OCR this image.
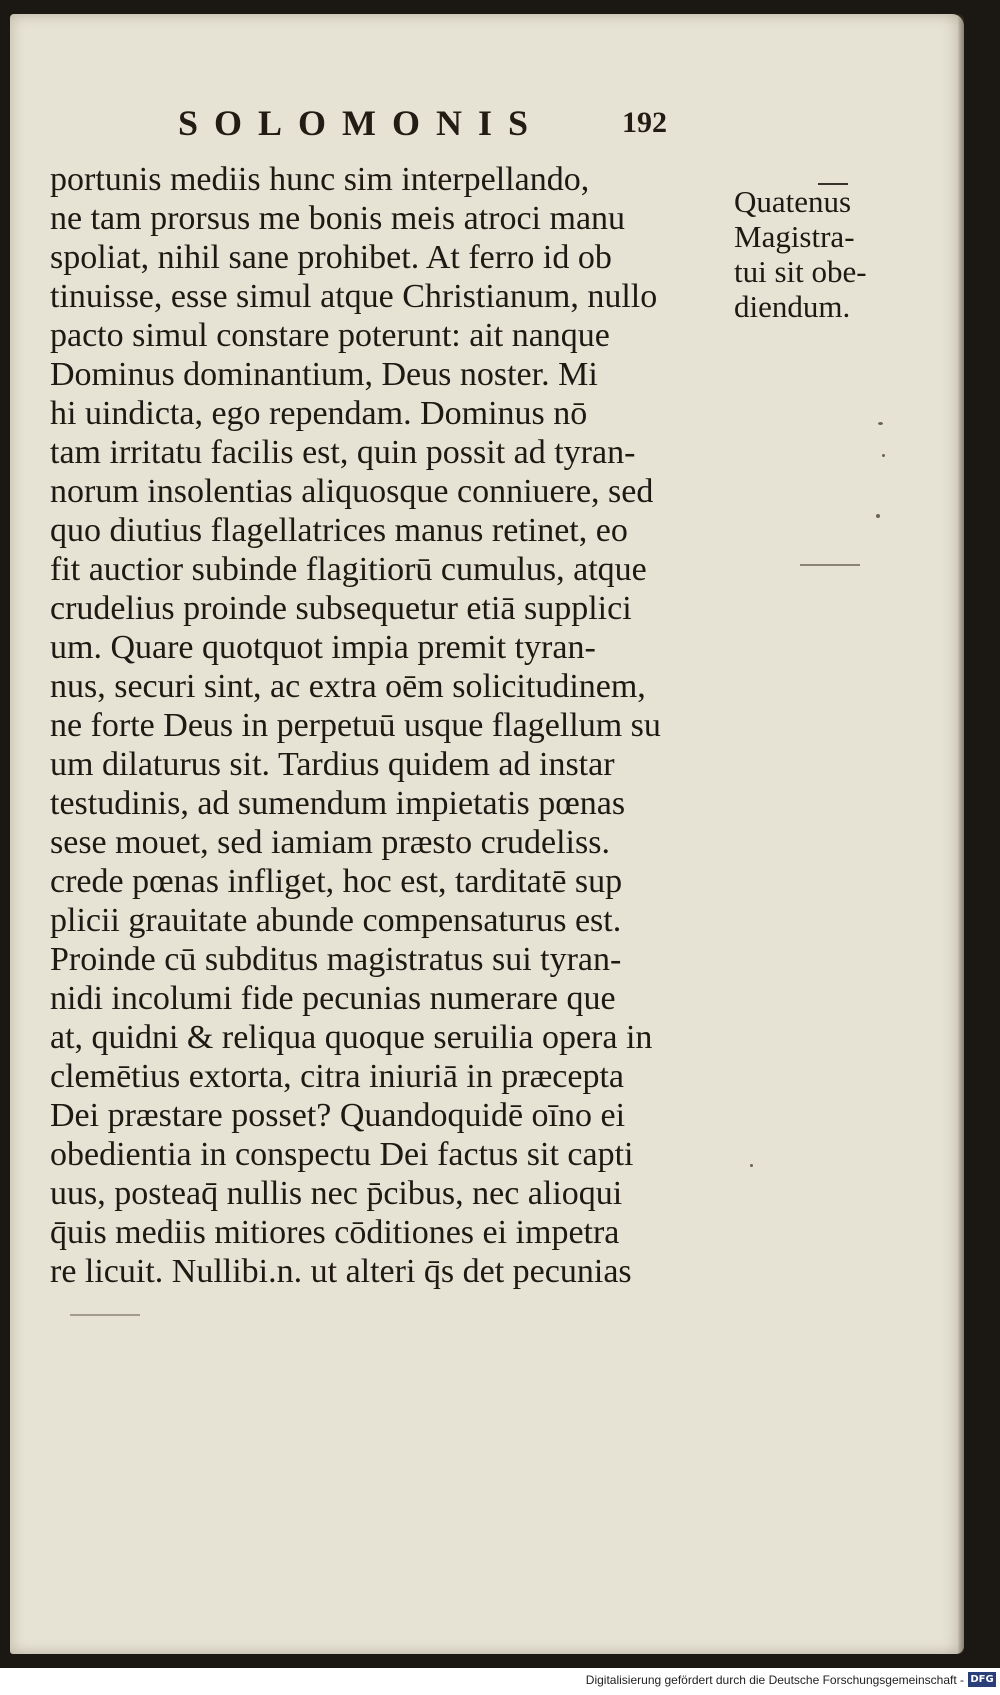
SOLOMONIS	192
portunis mediis hunc sim interpellando,
ne tam prorsus me bonis meis atroci manu
spoliat, nihil sane prohibet. At ferro id ob
tinuisse, esse simul atque Christianum, nullo
pacto simul constare poterunt: ait nanque
Dominus dominantium, Deus noster. Mi
hi uindicta, ego rependam. Dominus nō
tam irritatu facilis est, quin possit ad tyran-
norum insolentias aliquosque conniuere, sed
quo diutius flagellatrices manus retinet, eo
fit auctior subinde flagitiorū cumulus, atque
crudelius proinde subsequetur etiā supplici
um. Quare quotquot impia premit tyran-
nus, securi sint, ac extra oēm solicitudinem,
ne forte Deus in perpetuū usque flagellum su
um dilaturus sit. Tardius quidem ad instar
testudinis, ad sumendum impietatis pœnas
sese mouet, sed iamiam præsto crudeliss.
crede pœnas infliget, hoc est, tarditatē sup
plicii grauitate abunde compensaturus est.
Proinde cū subditus magistratus sui tyran-
nidi incolumi fide pecunias numerare que
at, quidni & reliqua quoque seruilia opera in
clemētius extorta, citra iniuriā in præcepta
Dei præstare posset? Quandoquidē oīno ei
obedientia in conspectu Dei factus sit capti
uus, posteaq̄ nullis nec p̄cibus, nec alioqui
q̄uis mediis mitiores cōditiones ei impetra
re licuit. Nullibi.n. ut alteri q̄s det pecunias
Quatenus
Magistra-
tui sit obe-
diendum.
Digitalisierung gefördert durch die Deutsche Forschungsgemeinschaft - DFG
